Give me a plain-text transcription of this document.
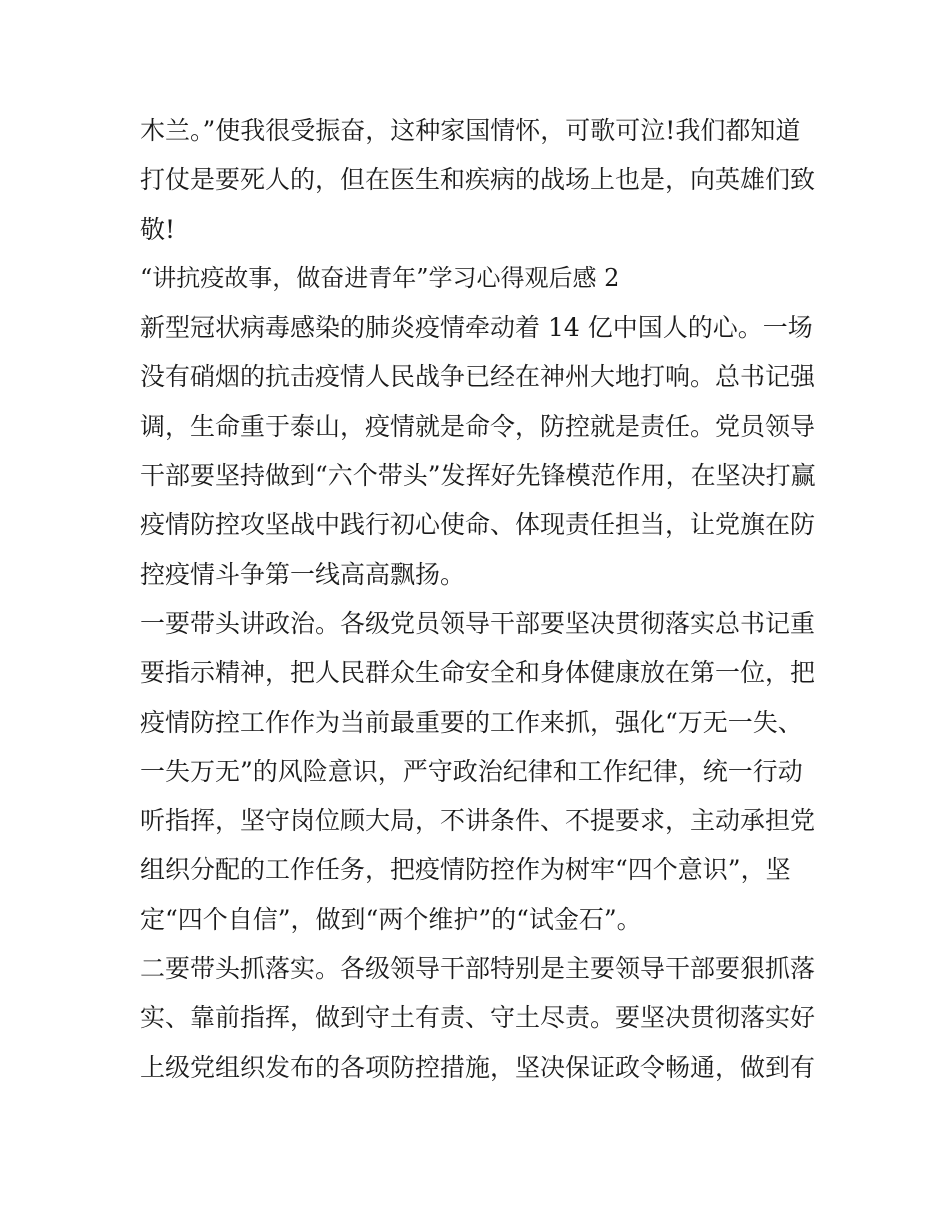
木兰。”使我很受振奋，这种家国情怀，可歌可泣!我们都知道
打仗是要死人的，但在医生和疾病的战场上也是，向英雄们致
敬!
“讲抗疫故事，做奋进青年”学习心得观后感 2
新型冠状病毒感染的肺炎疫情牵动着 14 亿中国人的心。一场
没有硝烟的抗击疫情人民战争已经在神州大地打响。总书记强
调，生命重于泰山，疫情就是命令，防控就是责任。党员领导
干部要坚持做到“六个带头”发挥好先锋模范作用，在坚决打赢
疫情防控攻坚战中践行初心使命、体现责任担当，让党旗在防
控疫情斗争第一线高高飘扬。
一要带头讲政治。各级党员领导干部要坚决贯彻落实总书记重
要指示精神，把人民群众生命安全和身体健康放在第一位，把
疫情防控工作作为当前最重要的工作来抓，强化“万无一失、
一失万无”的风险意识，严守政治纪律和工作纪律，统一行动
听指挥，坚守岗位顾大局，不讲条件、不提要求，主动承担党
组织分配的工作任务，把疫情防控作为树牢“四个意识”，坚
定“四个自信”，做到“两个维护”的“试金石”。
二要带头抓落实。各级领导干部特别是主要领导干部要狠抓落
实、靠前指挥，做到守土有责、守土尽责。要坚决贯彻落实好
上级党组织发布的各项防控措施，坚决保证政令畅通，做到有
